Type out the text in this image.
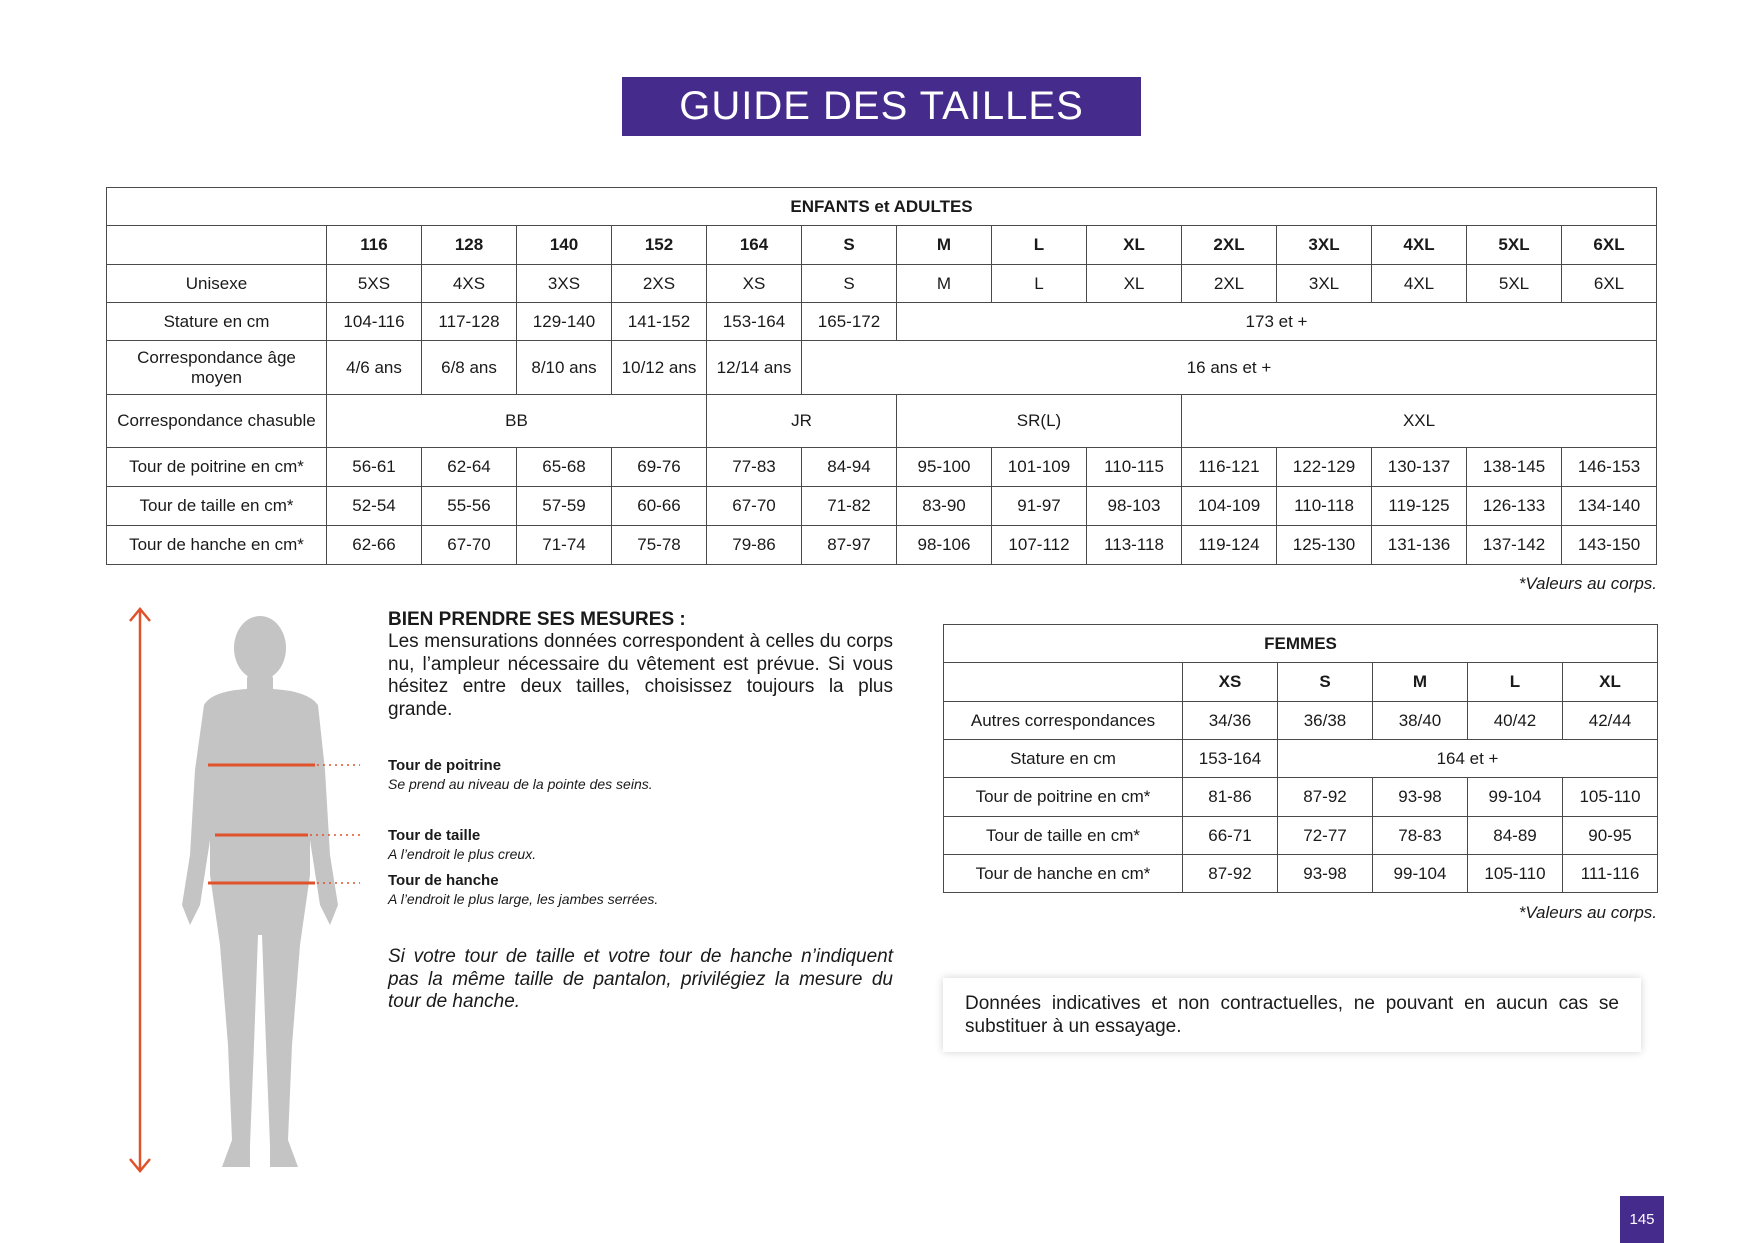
GUIDE DES TAILLES
ENFANTS et ADULTES														
	116	128	140	152	164	S	M	L	XL	2XL	3XL	4XL	5XL	6XL
Unisexe	5XS	4XS	3XS	2XS	XS	S	M	L	XL	2XL	3XL	4XL	5XL	6XL
Stature en cm	104-116	117-128	129-140	141-152	153-164	165-172	173 et +							
Correspondance âge moyen	4/6 ans	6/8 ans	8/10 ans	10/12 ans	12/14 ans	16 ans et +								
Correspondance chasuble	BB				JR		SR(L)			XXL				
Tour de poitrine en cm*	56-61	62-64	65-68	69-76	77-83	84-94	95-100	101-109	110-115	116-121	122-129	130-137	138-145	146-153
Tour de taille en cm*	52-54	55-56	57-59	60-66	67-70	71-82	83-90	91-97	98-103	104-109	110-118	119-125	126-133	134-140
Tour de hanche en cm*	62-66	67-70	71-74	75-78	79-86	87-97	98-106	107-112	113-118	119-124	125-130	131-136	137-142	143-150
*Valeurs au corps.

BIEN PRENDRE SES MESURES :

Les mensurations données correspondent à celles du corps nu, l’ampleur nécessaire du vêtement est prévue. Si vous hésitez entre deux tailles, choisissez toujours la plus grande.

Tour de poitrine
Se prend au niveau de la pointe des seins.
Tour de taille
A l’endroit le plus creux.
Tour de hanche
A l’endroit le plus large, les jambes serrées.

Si votre tour de taille et votre tour de hanche n’indiquent pas la même taille de pantalon, privilégiez la mesure du tour de hanche.

FEMMES					
	XS	S	M	L	XL
Autres correspondances	34/36	36/38	38/40	40/42	42/44
Stature en cm	153-164	164 et +			
Tour de poitrine en cm*	81-86	87-92	93-98	99-104	105-110
Tour de taille en cm*	66-71	72-77	78-83	84-89	90-95
Tour de hanche en cm*	87-92	93-98	99-104	105-110	111-116
*Valeurs au corps.
Données indicatives et non contractuelles, ne pouvant en aucun cas se substituer à un essayage.
145
